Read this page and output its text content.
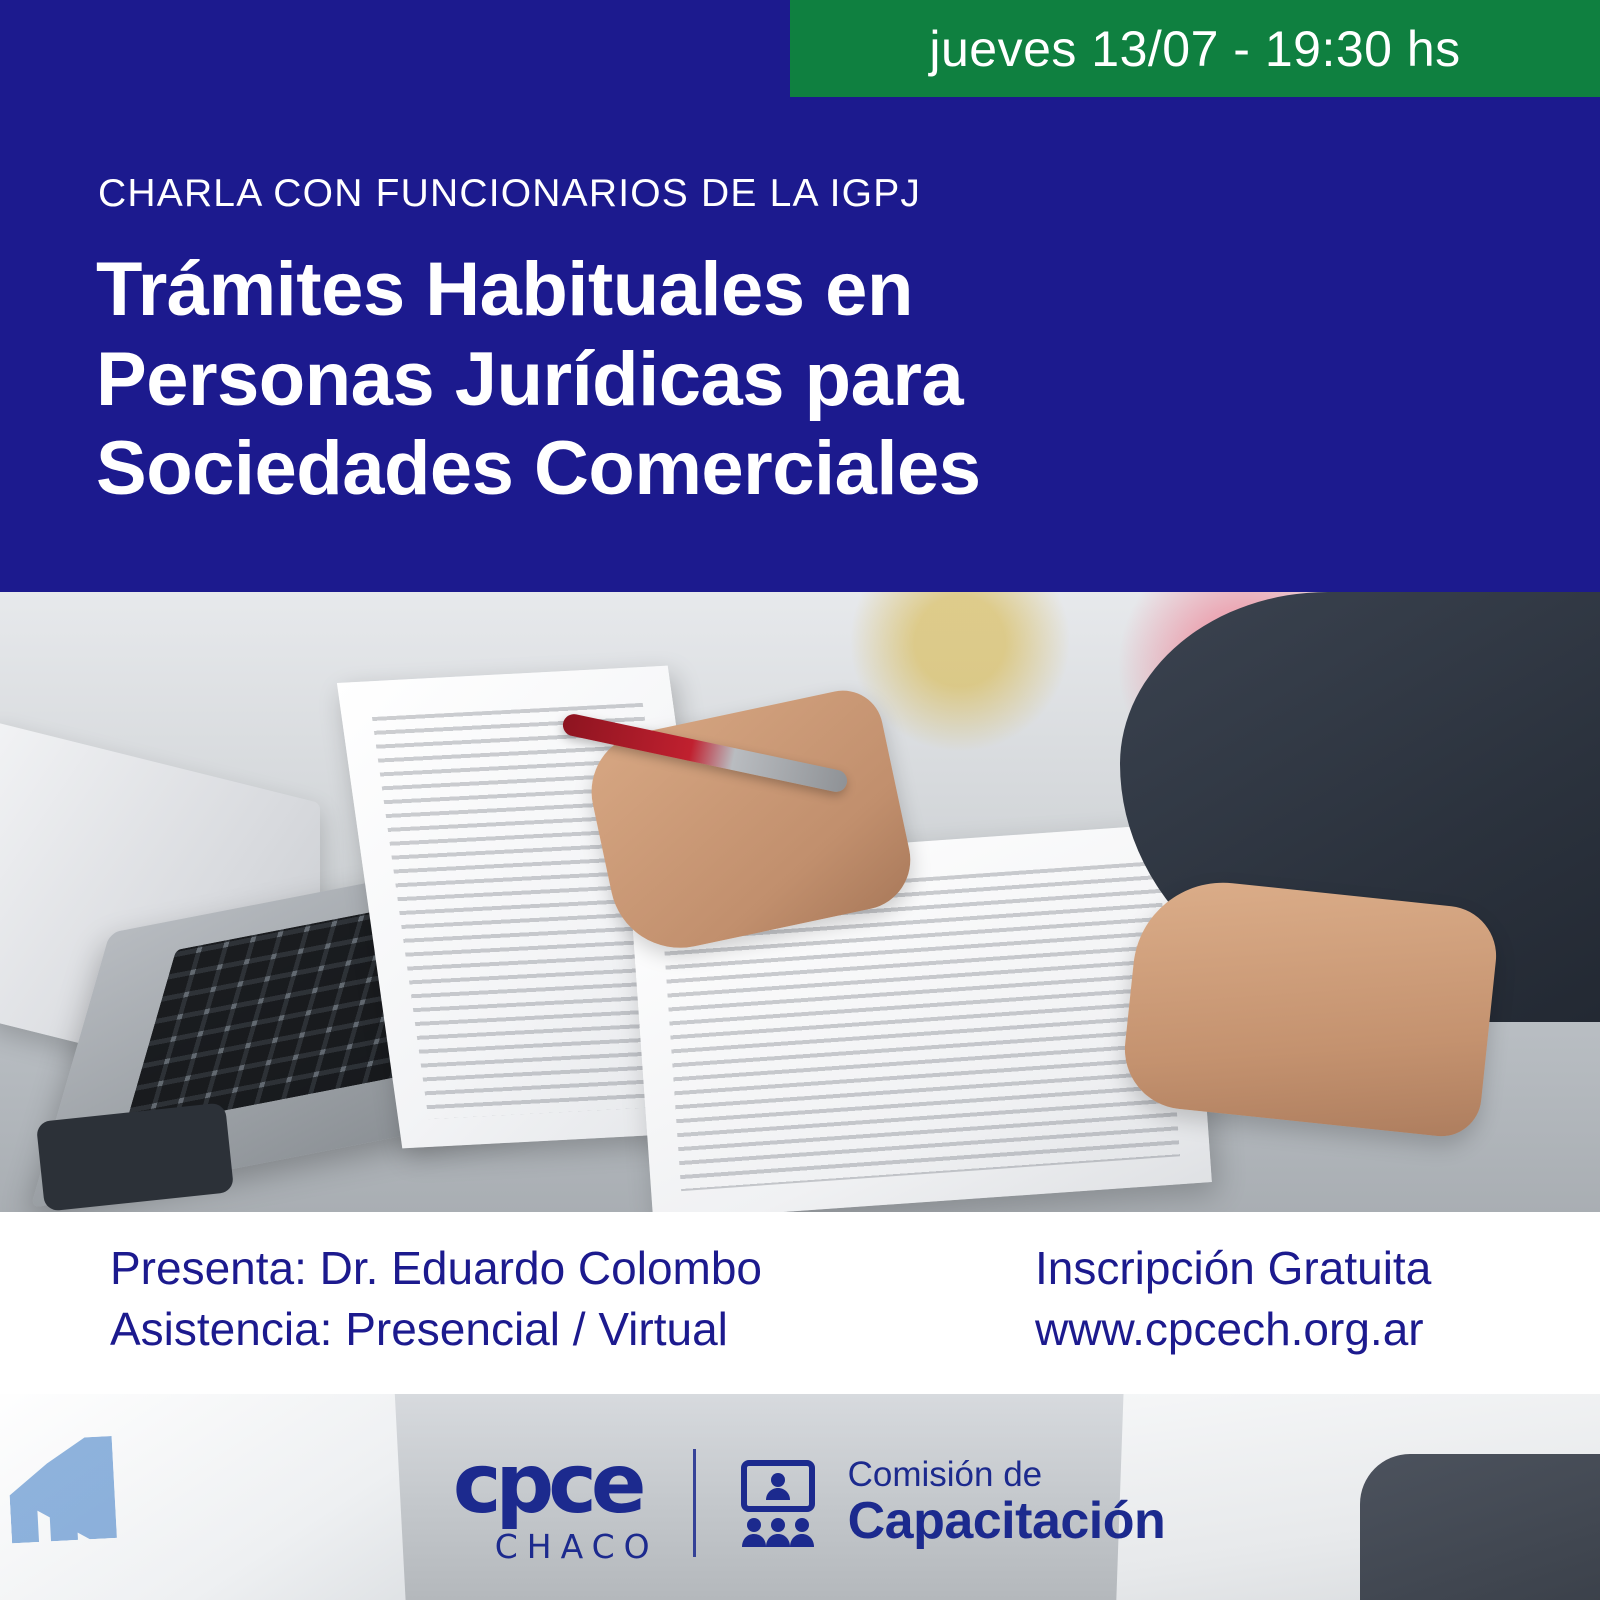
jueves 13/07 - 19:30 hs
CHARLA CON FUNCIONARIOS DE LA IGPJ
Trámites Habituales en
Personas Jurídicas para
Sociedades Comerciales
Presenta: Dr. Eduardo Colombo
Asistencia: Presencial / Virtual
Inscripción Gratuita
www.cpcech.org.ar
cpce
CHACO
Comisión de
Capacitación
